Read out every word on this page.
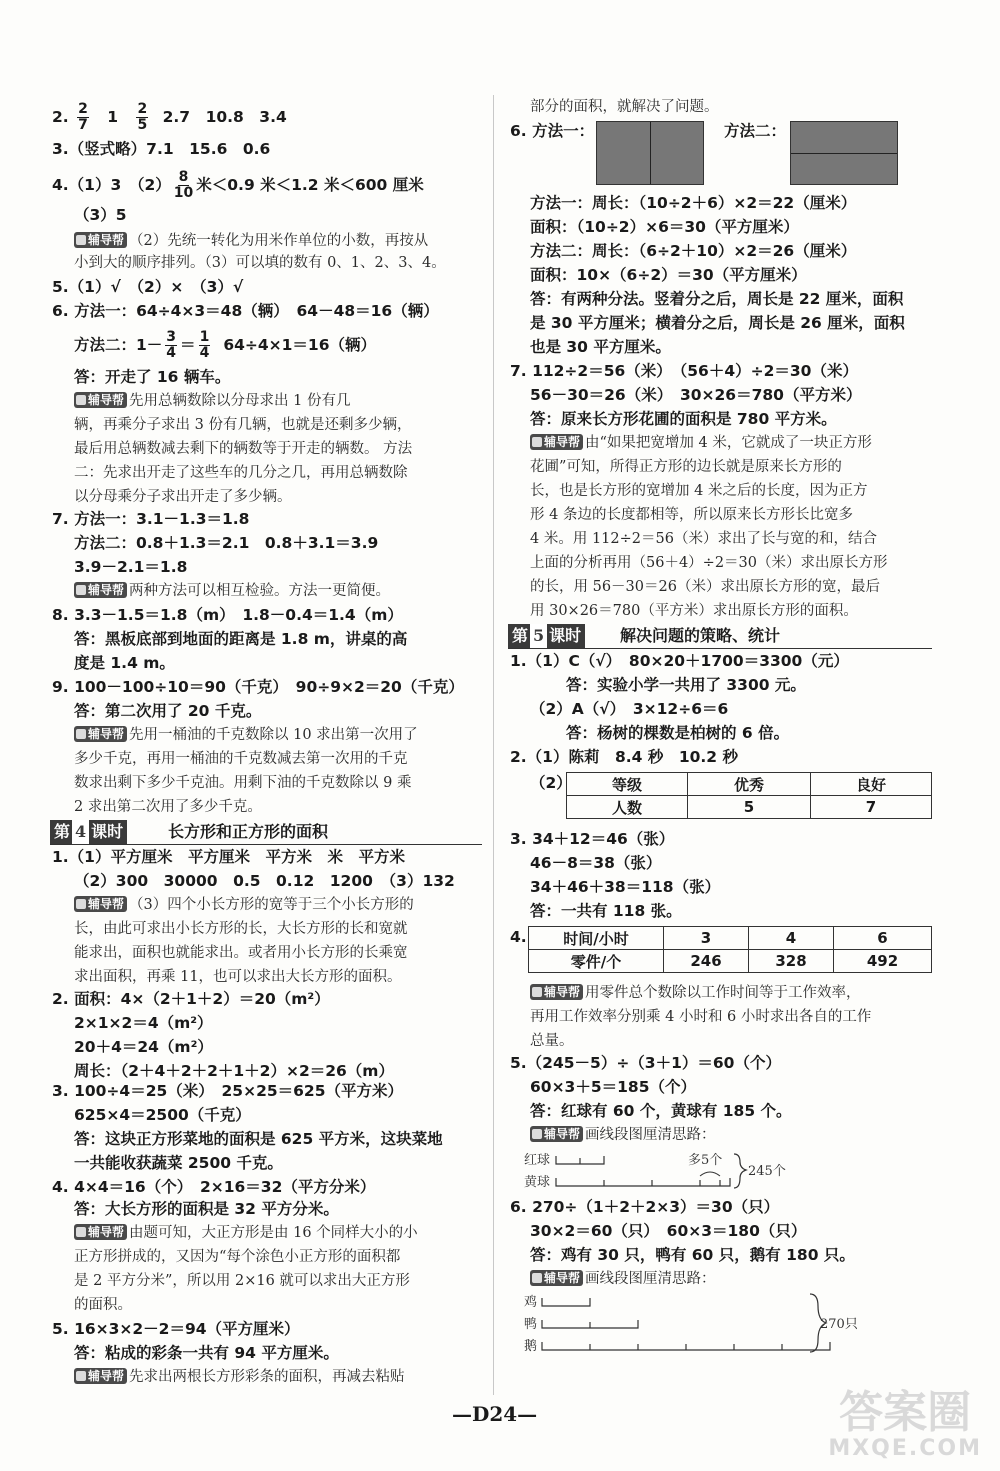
2. $\frac{2}{7} 1 \frac{2}{5} 2.7$　10.8　3.4
3.（竖式略）7.1　15.6　0.6
4.（1）3　$(2) \frac{8}{10}$ 米＜0.9 米＜1.2 米＜600 厘米
（3）5
辅导帮 （2）先统一转化为用米作单位的小数，再按从
小到大的顺序排列。（3）可以填的数有 0、1、2、3、4。
5.（1）√　（2）×　（3）√
6. 方法一：64÷4×3＝48（辆）　64－48＝16（辆）
方法二：$1- \frac{3}{4} = \frac{1}{4} 64\div 4\times 1=16$（辆）
答：开走了 16 辆车。
辅导帮 先用总辆数除以分母求出 1 份有几
辆，再乘分子求出 3 份有几辆，也就是还剩多少辆，
最后用总辆数减去剩下的辆数等于开走的辆数。 方法
二：先求出开走了这些车的几分之几，再用总辆数除
以分母乘分子求出开走了多少辆。
7. 方法一：3.1－1.3＝1.8
方法二：0.8＋1.3＝2.1　0.8＋3.1＝3.9
3.9－2.1＝1.8
辅导帮 两种方法可以相互检验。方法一更简便。
8. 3.3－1.5＝1.8（m）　1.8－0.4＝1.4（m）
答：黑板底部到地面的距离是 1.8 m，讲桌的高
度是 1.4 m。
9. 100－100÷10＝90（千克）　90÷9×2＝20（千克）
答：第二次用了 20 千克。
辅导帮 先用一桶油的千克数除以 10 求出第一次用了
多少千克，再用一桶油的千克数减去第一次用的千克
数求出剩下多少千克油。用剩下油的千克数除以 9 乘
2 求出第二次用了多少千克。
第 4 课时	长方形和正方形的面积
1.（1）平方厘米　平方厘米　平方米　米　平方米
（2）300　30000　0.5　0.12　1200　（3）132
辅导帮 （3）四个小长方形的宽等于三个小长方形的
长，由此可求出小长方形的长，大长方形的长和宽就
能求出，面积也就能求出。或者用小长方形的长乘宽
求出面积，再乘 11，也可以求出大长方形的面积。
2. 面积：4×（2＋1＋2）＝20（m²）
2×1×2＝4（m²）
20＋4＝24（m²）
周长：（2＋4＋2＋2＋1＋2）×2＝26（m）
3. 100÷4＝25（米）　25×25＝625（平方米）
625×4＝2500（千克）
答：这块正方形菜地的面积是 625 平方米，这块菜地
一共能收获蔬菜 2500 千克。
4. 4×4＝16（个）　2×16＝32（平方分米）
答：大长方形的面积是 32 平方分米。
辅导帮 由题可知，大正方形是由 16 个同样大小的小
正方形拼成的，又因为“每个涂色小正方形的面积都
是 2 平方分米”，所以用 2×16 就可以求出大正方形
的面积。
5. 16×3×2－2＝94（平方厘米）
答：粘成的彩条一共有 94 平方厘米。
辅导帮 先求出两根长方形彩条的面积，再减去粘贴
部分的面积，就解决了问题。
6. 方法一：	方法二：
方法一：周长：（10÷2＋6）×2＝22（厘米）
面积：（10÷2）×6＝30（平方厘米）
方法二：周长：（6÷2＋10）×2＝26（厘米）
面积：10×（6÷2）＝30（平方厘米）
答：有两种分法。竖着分之后，周长是 22 厘米，面积
是 30 平方厘米；横着分之后，周长是 26 厘米，面积
也是 30 平方厘米。
7. 112÷2＝56（米）　（56＋4）÷2＝30（米）
56－30＝26（米）　30×26＝780（平方米）
答：原来长方形花圃的面积是 780 平方米。
辅导帮 由“如果把宽增加 4 米，它就成了一块正方形
花圃”可知，所得正方形的边长就是原来长方形的
长，也是长方形的宽增加 4 米之后的长度，因为正方
形 4 条边的长度都相等，所以原来长方形长比宽多
4 米。用 112÷2＝56（米）求出了长与宽的和，结合
上面的分析再用（56＋4）÷2＝30（米）求出原长方形
的长，用 56－30＝26（米）求出原长方形的宽，最后
用 30×26＝780（平方米）求出原长方形的面积。
第 5 课时 解决问题的策略、统计
1.（1）C（√）　80×20＋1700＝3300（元）
答：实验小学一共用了 3300 元。
（2）A（√）　3×12÷6＝6
答：杨树的棵数是柏树的 6 倍。
2.（1）陈莉　8.4 秒　10.2 秒
（2）	等级	优秀	良好
人数	5	7
3. 34＋12＝46（张）
46－8＝38（张）
34＋46＋38＝118（张）
答：一共有 118 张。
4. 时间/小时	3	4	6
零件/个	246	328	492
辅导帮 用零件总个数除以工作时间等于工作效率，
再用工作效率分别乘 4 小时和 6 小时求出各自的工作
总量。
5.（245－5）÷（3＋1）＝60（个）
60×3＋5＝185（个）
答：红球有 60 个，黄球有 185 个。
辅导帮 画线段图厘清思路：
红球
黄球
多5个
245个
6. 270÷（1＋2＋2×3）＝30（只）
30×2＝60（只）　60×3＝180（只）
答：鸡有 30 只，鸭有 60 只，鹅有 180 只。
辅导帮 画线段图厘清思路：
鸡
鸭
鹅
270只
—D24—	答案圈
MXQE.COM
